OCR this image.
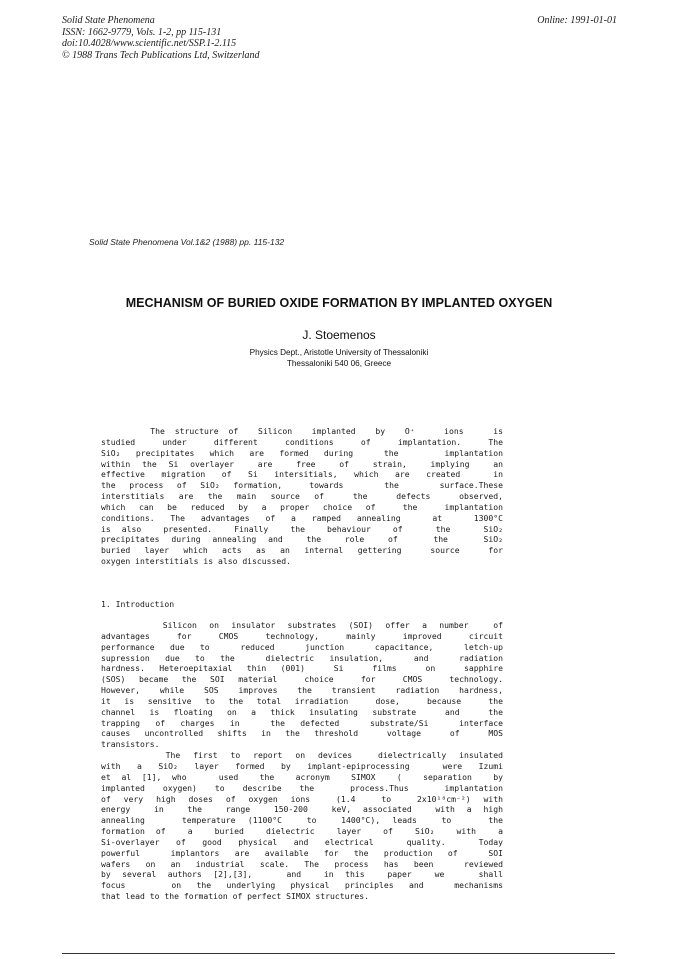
Solid State Phenomena
ISSN: 1662-9779, Vols. 1-2, pp 115-131
doi:10.4028/www.scientific.net/SSP.1-2.115
© 1988 Trans Tech Publications Ltd, Switzerland
Online: 1991-01-01
Solid State Phenomena Vol.1&2 (1988) pp. 115-132
MECHANISM OF BURIED OXIDE FORMATION BY IMPLANTED OXYGEN
J. Stoemenos
Physics Dept., Aristotle University of Thessaloniki
Thessaloniki 540 06, Greece
The structure of  Silicon  implanted  by  O⁺   ions   is
studied  under  different  conditions  of  implantation.  The
SiO₂ precipitates which are formed during  the   implantation
within the Si overlayer  are  free  of  strain,  implying  an
effective migration of Si intersitials, which are created  in
the process of SiO₂ formation,  towards   the   surface.These
interstitials are the main source of  the  defects  observed,
which can be reduced by a proper choice of  the  implantation
conditions. The advantages of a ramped annealing  at  1300°C
is also  presented.  Finally  the  behaviour  of   the   SiO₂
precipitates during annealing and  the  role  of   the   SiO₂
buried layer which acts as an internal gettering  source  for
oxygen interstitials is also discussed.
1. Introduction
Silicon on insulator substrates (SOI) offer a number  of
advantages  for  CMOS  technology,  mainly  improved  circuit
performance due to  reduced  junction  capacitance,  letch-up
supression due to the  dielectric insulation,  and  radiation
hardness. Heteroepitaxial thin (001)  Si  films  on  sapphire
(SOS) became the SOI material  choice  for  CMOS  technology.
However, while SOS improves the transient radiation hardness,
it is sensitive to the total irradiation  dose,  because  the
channel is floating on a thick insulating substrate  and  the
trapping of charges in  the defected  substrate/Si  interface
causes uncontrolled shifts in the threshold  voltage  of  MOS
transistors.
The first to report on devices  dielectrically insulated
with a SiO₂ layer formed by implant-epiprocessing  were Izumi
et al [1], who   used  the  acronym  SIMOX  (  separation  by
implanted oxygen) to describe the  process.Thus  implantation
of very high doses of oxygen ions  (1.4  to  2x10¹⁸cm⁻²) with
energy  in  the  range  150-200  keV, associated  with a high
annealing   temperature (1100°C  to  1400°C), leads  to   the
formation of  a  buried  dielectric  layer  of  SiO₂  with  a
Si-overlayer of good physical and electrical  quality.  Today
powerful  implantors are available for the production of  SOI
wafers on an industrial scale. The process has been  reviewed
by several authors [2],[3],   and  in this  paper  we   shall
focus   on the underlying physical principles and  mechanisms
that lead to the formation of perfect SIMOX structures.
